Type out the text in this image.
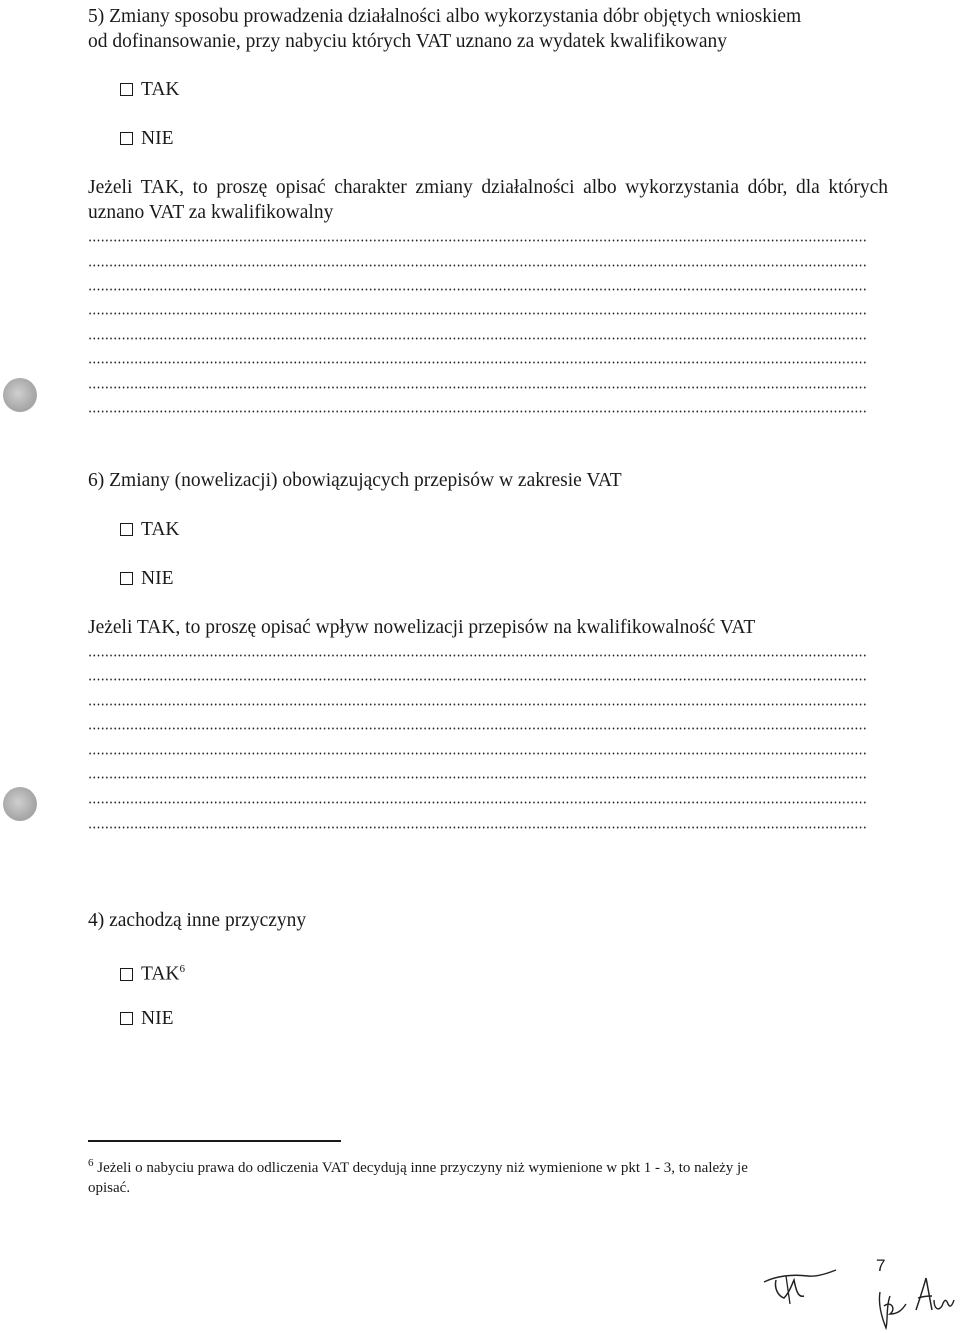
5) Zmiany sposobu prowadzenia działalności albo wykorzystania dóbr objętych wnioskiem
od dofinansowanie, przy nabyciu których VAT uznano za wydatek kwalifikowany
TAK
NIE
Jeżeli TAK, to proszę opisać charakter zmiany działalności albo wykorzystania dóbr, dla których uznano VAT za kwalifikowalny
6) Zmiany (nowelizacji) obowiązujących przepisów w zakresie VAT
TAK
NIE
Jeżeli TAK, to proszę opisać wpływ nowelizacji przepisów na kwalifikowalność VAT
4) zachodzą inne przyczyny
TAK$^6$
NIE
$^6$ Jeżeli o nabyciu prawa do odliczenia VAT decydują inne przyczyny niż wymienione w pkt 1 - 3, to należy je
opisać.
7
